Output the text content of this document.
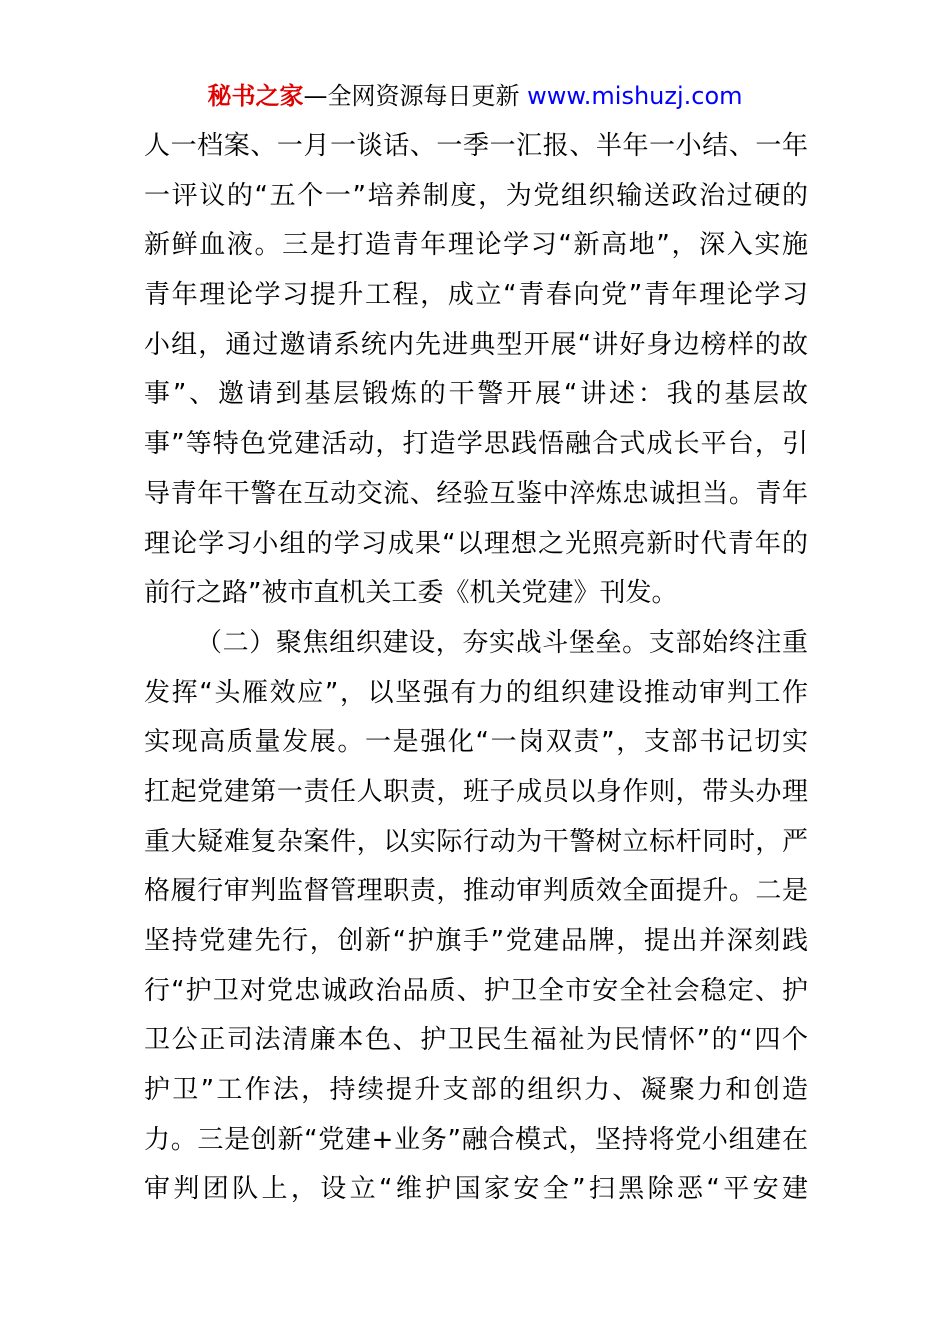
秘书之家—全网资源每日更新 www.mishuzj.com
人一档案、一月一谈话、一季一汇报、半年一小结、一年
一评议的“五个一”培养制度，为党组织输送政治过硬的
新鲜血液。三是打造青年理论学习“新高地”，深入实施
青年理论学习提升工程，成立“青春向党”青年理论学习
小组，通过邀请系统内先进典型开展“讲好身边榜样的故
事”、邀请到基层锻炼的干警开展“讲述：我的基层故
事”等特色党建活动，打造学思践悟融合式成长平台，引
导青年干警在互动交流、经验互鉴中淬炼忠诚担当。青年
理论学习小组的学习成果“以理想之光照亮新时代青年的
前行之路”被市直机关工委《机关党建》刊发。
（二）聚焦组织建设，夯实战斗堡垒。支部始终注重
发挥“头雁效应”，以坚强有力的组织建设推动审判工作
实现高质量发展。一是强化“一岗双责”，支部书记切实
扛起党建第一责任人职责，班子成员以身作则，带头办理
重大疑难复杂案件，以实际行动为干警树立标杆同时，严
格履行审判监督管理职责，推动审判质效全面提升。二是
坚持党建先行，创新“护旗手”党建品牌，提出并深刻践
行“护卫对党忠诚政治品质、护卫全市安全社会稳定、护
卫公正司法清廉本色、护卫民生福祉为民情怀”的“四个
护卫”工作法，持续提升支部的组织力、凝聚力和创造
力。三是创新“党建+业务”融合模式，坚持将党小组建在
审判团队上，设立“维护国家安全”扫黑除恶“平安建
